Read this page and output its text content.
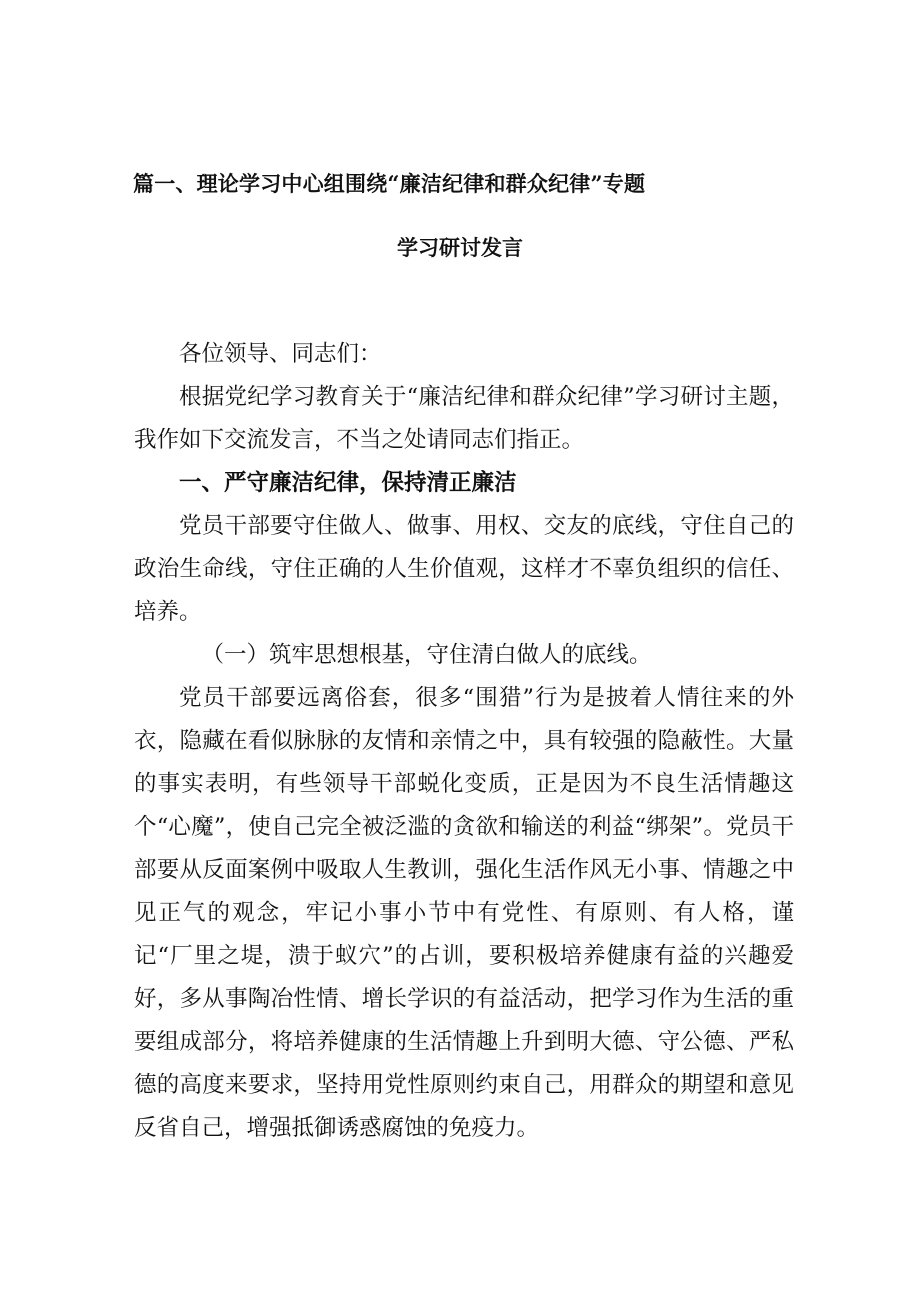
篇一、理论学习中心组围绕“廉洁纪律和群众纪律”专题
学习研讨发言

各位领导、同志们：

根据党纪学习教育关于“廉洁纪律和群众纪律”学习研讨主题，我作如下交流发言，不当之处请同志们指正。

一、严守廉洁纪律，保持清正廉洁

党员干部要守住做人、做事、用权、交友的底线，守住自己的政治生命线，守住正确的人生价值观，这样才不辜负组织的信任、培养。

（一）筑牢思想根基，守住清白做人的底线。

党员干部要远离俗套，很多“围猎”行为是披着人情往来的外衣，隐藏在看似脉脉的友情和亲情之中，具有较强的隐蔽性。大量的事实表明，有些领导干部蜕化变质，正是因为不良生活情趣这个“心魔”，使自己完全被泛滥的贪欲和输送的利益“绑架”。党员干部要从反面案例中吸取人生教训，强化生活作风无小事、情趣之中见正气的观念，牢记小事小节中有党性、有原则、有人格，谨记“厂里之堤，溃于蚁穴”的占训，要积极培养健康有益的兴趣爱好，多从事陶冶性情、增长学识的有益活动，把学习作为生活的重要组成部分，将培养健康的生活情趣上升到明大德、守公德、严私德的高度来要求，坚持用党性原则约束自己，用群众的期望和意见反省自己，增强抵御诱惑腐蚀的免疫力。
